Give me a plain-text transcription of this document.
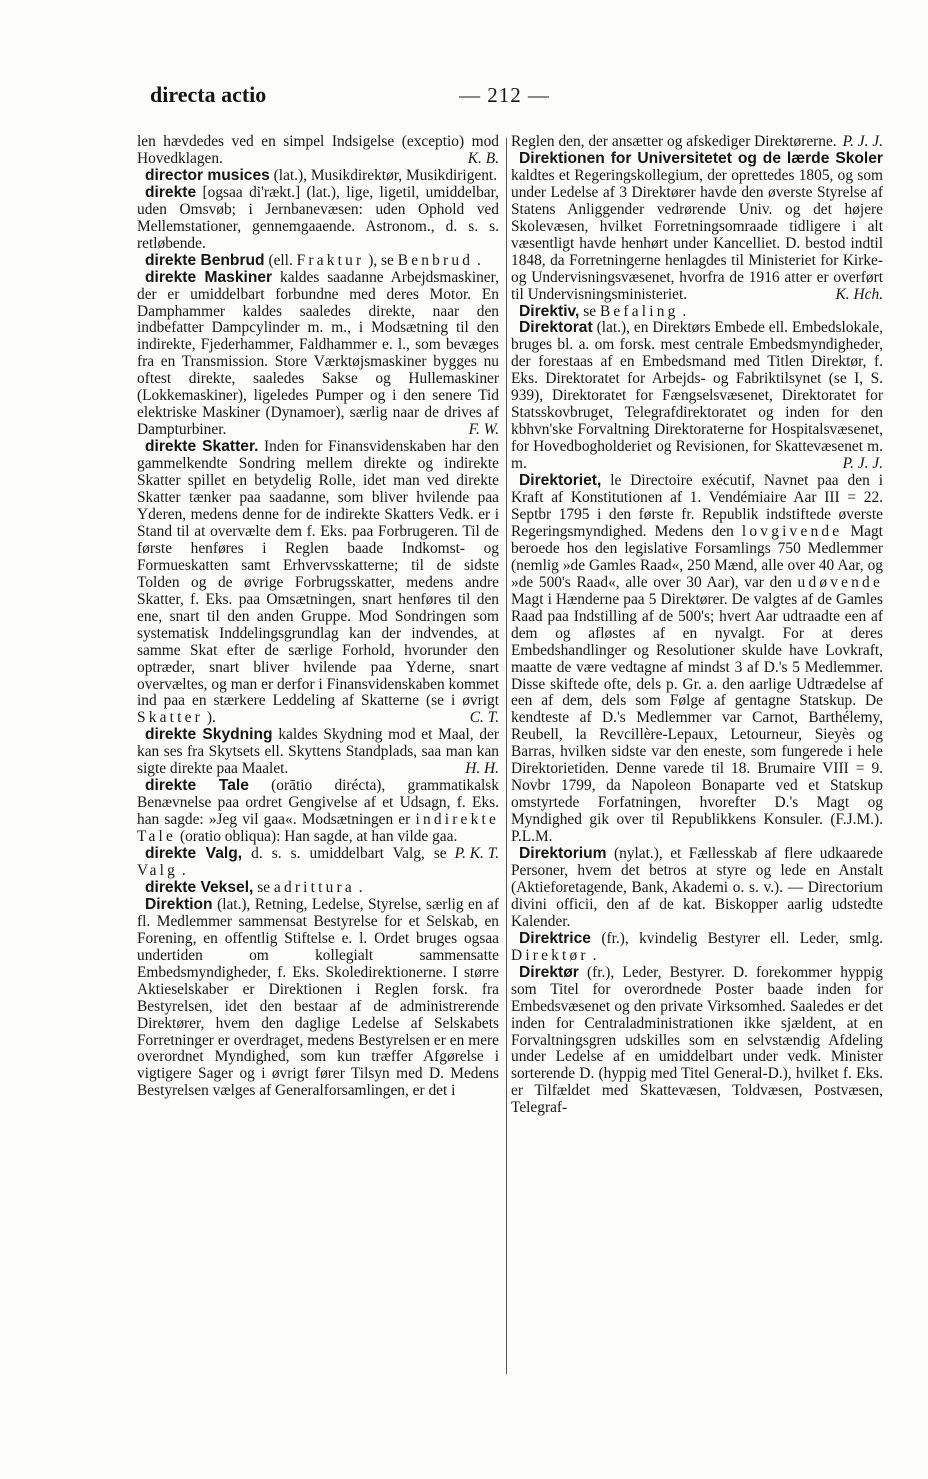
directa actio	— 212 —

len hævdedes ved en simpel Indsigelse (exceptio) mod Hovedklagen.	K. B.

director musices (lat.), Musikdirektør, Musikdirigent.

direkte [ogsaa di'rækt.] (lat.), lige, ligetil, umiddelbar, uden Omsvøb; i Jernbanevæsen: uden Ophold ved Mellemstationer, gennemgaaende. Astronom., d. s. s. retløbende.

direkte Benbrud (ell. Fraktur ), se Benbrud .

direkte Maskiner kaldes saadanne Arbejdsmaskiner, der er umiddelbart forbundne med deres Motor. En Damphammer kaldes saaledes direkte, naar den indbefatter Dampcylinder m. m., i Modsætning til den indirekte, Fjederhammer, Faldhammer e. l., som bevæges fra en Transmission. Store Værktøjsmaskiner bygges nu oftest direkte, saaledes Sakse og Hullemaskiner (Lokkemaskiner), ligeledes Pumper og i den senere Tid elektriske Maskiner (Dynamoer), særlig naar de drives af Dampturbiner.	F. W.

direkte Skatter. Inden for Finansvidenskaben har den gammelkendte Sondring mellem direkte og indirekte Skatter spillet en betydelig Rolle, idet man ved direkte Skatter tænker paa saadanne, som bliver hvilende paa Yderen, medens denne for de indirekte Skatters Vedk. er i Stand til at overvælte dem f. Eks. paa Forbrugeren. Til de første henføres i Reglen baade Indkomst- og Formueskatten samt Erhvervsskatterne; til de sidste Tolden og de øvrige Forbrugsskatter, medens andre Skatter, f. Eks. paa Omsætningen, snart henføres til den ene, snart til den anden Gruppe. Mod Sondringen som systematisk Inddelingsgrundlag kan der indvendes, at samme Skat efter de særlige Forhold, hvorunder den optræder, snart bliver hvilende paa Yderne, snart overvæltes, og man er derfor i Finansvidenskaben kommet ind paa en stærkere Leddeling af Skatterne (se i øvrigt Skatter ).	C. T.

direkte Skydning kaldes Skydning mod et Maal, der kan ses fra Skytsets ell. Skyttens Standplads, saa man kan sigte direkte paa Maalet.	H. H.

direkte Tale (orātio dirécta), grammatikalsk Benævnelse paa ordret Gengivelse af et Udsagn, f. Eks. han sagde: »Jeg vil gaa«. Modsætningen er indirekte Tale (oratio obliqua): Han sagde, at han vilde gaa.
P. K. T.

direkte Valg, d. s. s. umiddelbart Valg, se Valg .

direkte Veksel, se adrittura .

Direktion (lat.), Retning, Ledelse, Styrelse, særlig en af fl. Medlemmer sammensat Bestyrelse for et Selskab, en Forening, en offentlig Stiftelse e. l. Ordet bruges ogsaa undertiden om kollegialt sammensatte Embedsmyndigheder, f. Eks. Skoledirektionerne. I større Aktieselskaber er Direktionen i Reglen forsk. fra Bestyrelsen, idet den bestaar af de administrerende Direktører, hvem den daglige Ledelse af Selskabets Forretninger er overdraget, medens Bestyrelsen er en mere overordnet Myndighed, som kun træffer Afgørelse i vigtigere Sager og i øvrigt fører Tilsyn med D. Medens Bestyrelsen vælges af Generalforsamlingen, er det i

Reglen den, der ansætter og afskediger Direktørerne. P. J. J.

Direktionen for Universitetet og de lærde Skoler kaldtes et Regeringskollegium, der oprettedes 1805, og som under Ledelse af 3 Direktører havde den øverste Styrelse af Statens Anliggender vedrørende Univ. og det højere Skolevæsen, hvilket Forretningsomraade tidligere i alt væsentligt havde henhørt under Kancelliet. D. bestod indtil 1848, da Forretningerne henlagdes til Ministeriet for Kirke- og Undervisningsvæsenet, hvorfra de 1916 atter er overført til Undervisningsministeriet.	K. Hch.

Direktiv, se Befaling .

Direktorat (lat.), en Direktørs Embede ell. Embedslokale, bruges bl. a. om forsk. mest centrale Embedsmyndigheder, der forestaas af en Embedsmand med Titlen Direktør, f. Eks. Direktoratet for Arbejds- og Fabriktilsynet (se I, S. 939), Direktoratet for Fængselsvæsenet, Direktoratet for Statsskovbruget, Telegrafdirektoratet og inden for den kbhvn'ske Forvaltning Direktoraterne for Hospitalsvæsenet, for Hovedbogholderiet og Revisionen, for Skattevæsenet m. m.	P. J. J.

Direktoriet, le Directoire exécutif, Navnet paa den i Kraft af Konstitutionen af 1. Vendémiaire Aar III = 22. Septbr 1795 i den første fr. Republik indstiftede øverste Regeringsmyndighed. Medens den lovgivende Magt beroede hos den legislative Forsamlings 750 Medlemmer (nemlig »de Gamles Raad«, 250 Mænd, alle over 40 Aar, og »de 500's Raad«, alle over 30 Aar), var den udøvende Magt i Hænderne paa 5 Direktører. De valgtes af de Gamles Raad paa Indstilling af de 500's; hvert Aar udtraadte een af dem og afløstes af en nyvalgt. For at deres Embedshandlinger og Resolutioner skulde have Lovkraft, maatte de være vedtagne af mindst 3 af D.'s 5 Medlemmer. Disse skiftede ofte, dels p. Gr. a. den aarlige Udtrædelse af een af dem, dels som Følge af gentagne Statskup. De kendteste af D.'s Medlemmer var Carnot, Barthélemy, Reubell, la Revcillère-Lepaux, Letourneur, Sieyès og Barras, hvilken sidste var den eneste, som fungerede i hele Direktorietiden. Denne varede til 18. Brumaire VIII = 9. Novbr 1799, da Napoleon Bonaparte ved et Statskup omstyrtede Forfatningen, hvorefter D.'s Magt og Myndighed gik over til Republikkens Konsuler. (F.J.M.). P.L.M.

Direktorium (nylat.), et Fællesskab af flere udkaarede Personer, hvem det betros at styre og lede en Anstalt (Aktieforetagende, Bank, Akademi o. s. v.). — Directorium divini officii, den af de kat. Biskopper aarlig udstedte Kalender.

Direktrice (fr.), kvindelig Bestyrer ell. Leder, smlg. Direktør .

Direktør (fr.), Leder, Bestyrer. D. forekommer hyppig som Titel for overordnede Poster baade inden for Embedsvæsenet og den private Virksomhed. Saaledes er det inden for Centraladministrationen ikke sjældent, at en Forvaltningsgren udskilles som en selvstændig Afdeling under Ledelse af en umiddelbart under vedk. Minister sorterende D. (hyppig med Titel General-D.), hvilket f. Eks. er Tilfældet med Skattevæsen, Toldvæsen, Postvæsen, Telegraf-
